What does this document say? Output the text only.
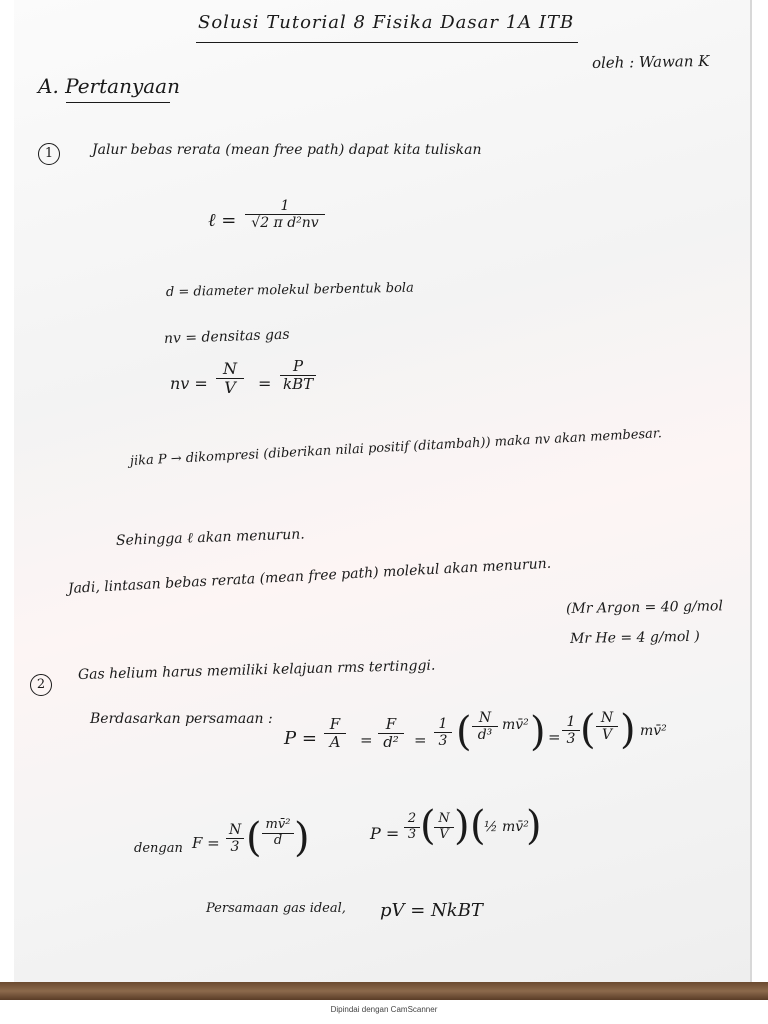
Solusi Tutorial 8 Fisika Dasar 1A ITB
oleh : Wawan K
A. Pertanyaan
1	Jalur bebas rerata (mean free path) dapat kita tuliskan
ℓ =
1
√2 π d²nv
d = diameter molekul berbentuk bola
nv = densitas gas
nv =
N
V	=
P
kBT
jika P → dikompresi (diberikan nilai positif (ditambah)) maka nv akan membesar.
Sehingga ℓ akan menurun.
Jadi, lintasan bebas rerata (mean free path) molekul akan menurun.
(Mr Argon = 40 g/mol
Mr He = 4 g/mol )
2
Gas helium harus memiliki kelajuan rms tertinggi.
Berdasarkan persamaan :
P =
F
A	=
F
d²	=
1
3 ( N
d³
mv̄² ) =
1
3 ( N
V ) mv̄²
dengan F =
N
3 ( mv̄²
d )	P =
2
3 ( N
V ) (
½ mv̄²
)
Persamaan gas ideal, pV = NkBT
Dipindai dengan CamScanner
